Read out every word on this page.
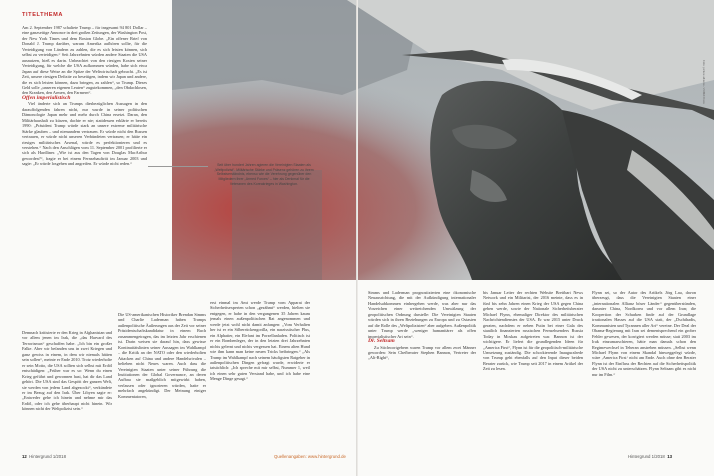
TITELTHEMA

Am 2. September 1987 schaltete Trump – für insgesamt 94 801 Dollar – eine ganzseitige Annonce in drei großen Zeitungen, der Washington Post, der New York Times und dem Boston Globe. „Ein offener Brief von Donald J. Trump darüber, warum Amerika aufhören sollte, für die Verteidigung von Ländern zu zahlen, die es sich leisten können, sich selbst zu verteidigen.“ Seit Jahrzehnten würden andere Staaten die USA ausnutzen, hieß es darin. Unbeachtet von den riesigen Kosten seiner Verteidigung, für welche die USA aufkommen würden, habe sich etwa Japan auf diese Weise an die Spitze der Weltwirtschaft gebracht. „Es ist Zeit, unsere riesigen Defizite zu beseitigen, indem wir Japan und andere, die es sich leisten können, dazu bringen, zu zahlen“, so Trump. Dieses Geld solle „unseren eigenen Leuten“ zugutekommen, „den Obdachlosen, den Kranken, den Armen, den Farmern“.

Offen imperialistisch

Viel änderte sich an Trumps diesbezüglichen Aussagen in den darauffolgenden fahren nicht, nur wurde in seiner politischen Dämonologie Japan mehr und mehr durch China ersetzt. Daran, den Militärhaushalt zu kürzen, dachte er nie; stattdessen erklärte er bereits 1990: „Präsident Trump würde stark an unsere extreme militärische Stärke glauben – und niemandem vertrauen. Er würde nicht den Russen vertrauen, er würde nicht unseren Verbündeten vertrauen; er hätte ein riesiges militärisches Arsenal, würde es perfektionieren und es verstehen.“ Nach den Anschlägen vom 11. September 2001 profilierte er sich als Hardliner. „Wie ist aus den Tagen von Douglas MacArthur geworden?“, fragte er bei einem Fernsehauftritt im Januar 2003 und sagte: „Er würde losgehen und angreifen. Er würde nicht reden.“

Demnach kritisierte er den Krieg in Afghanistan und vor allem jenen im Irak, die „das Harvard des Terrorismus“ geschaffen habe. „Ich bin ein großer Falke. Aber wir befanden uns in zwei Kriegen und ganz gewiss in einem, in dem wir niemals hätten sein sollen“, meinte er Ende 2010. Trotz wiederholte er sein Motto, die USA sollten sich selbst mit Erdöl entschädigen: „Früher war es so: Wenn du einen Krieg geführt und gewonnen hast, hat dir das Land gehört. Die USA sind das Gespött der ganzen Welt, sie werden von jedem Land abgezockt“, verkündete er im Bezug auf den Irak. Über Libyen sagte er: „Entweder gehe ich hinein und nehme mir das Erdöl, oder ich gehe überhaupt nicht hinein. Wir können nicht der Weltpolizist sein.“

Die US-amerikanischen Historiker Brendan Simms und Charlie Laderman haben Trumps außenpolitische Äußerungen aus der Zeit vor seiner Präsidentschaftskandidatur in einem Buch zusammengetragen, das im letzten Jahr erschienen ist. Darin weisen sie darauf hin, dass gewisse Kontinuitätslinien seiner Aussagen im Wahlkampf – die Kritik an der NATO oder den wiederholten Attacken auf China und andere Handelsrivalen – belieben nicht Neues waren. Auch dass die Vereinigten Staaten unter seiner Führung die Institutionen der Global Governance, an deren Aufbau sie maßgeblich mitgewirkt haben, verlassen oder ignorieren würden, hatte er mehrfach angekündigt. Der Meinung einiger Kommentatoren,

erst einmal im Amt werde Trump vom Apparat der Sicherheitsexperten schon „gezähmt“ werden, hielten sie entgegen, er habe in den vergangenen 35 Jahren kaum jemals einen außenpolitischen Rat angenommen und werde jetzt wohl nicht damit anfangen: „Vom Verhalten her ist er ein Silberrückengorilla, ein narzisstischer Plus, ein Alphatier, ein Elefant im Porzellanladen. Politisch ist er ein Bombenleger, der in den letzten drei Jahrzehnten nichts gelernt und nichts vergessen hat. Einem alten Hund wie ihm kann man keine neuen Tricks beibringen.“ „Als Trump im Wahlkampf nach seinem häufigsten Ratgeber in außenpolitischen Dingen gefragt wurde, erwiderte er tatsächlich: „Ich spreche mit mir selbst, Nummer 1, weil ich einen sehr guten Verstand habe, und ich habe eine Menge Dinge gesagt.“

Seit über hundert Jahren agieren die Vereinigten Staaten als „Weltpolizist“. Militärische Stärke und Präsenz gehören zu ihrem Selbstverständnis, ebenso wie die Verehrung gegenüber den Mitgliedern ihrer „Armed Forces“ – hier als Denkmal für die Veteranen des Koreakrieges in Washington.

Simms und Laderman prognostizierten eine ökonomische Neuausrichtung, die mit der Aufkündigung internationaler Handelsabkommen einhergehen werde, was aber nur das Vorzeichen einer weitreichenden Umwälzung der geopolitischen Ordnung darstelle: Die Vereinigten Staaten würden sich in ihren Beziehungen zu Europa und zu Ostasien auf die Rolle des „Weltpolizisten“ aber aufgeben. Außenpolitik unter Trump werde „weniger humanitärer als offen imperialistischer Art sein“.

Dr. Seltsam

Zu Stichwortgebern waren Trump vor allem zwei Männer geworden: Sein Chefberater Stephen Bannon, Vertreter der „Alt-Right“,

bis Januar Leiter der rechten Website Breitbart News Network und ein Militarist, der 2016 meinte, dass es in fünf bis zehn Jahren einen Krieg der USA gegen China geben werde, sowie der Nationale Sicherheitsberater Michael Flynn, ehemaliger Direktor des militärischen Nachrichtendienstes der USA. Er war 2015 unter Druck geraten, nachdem er neben Putin bei einer Gala des staatlich finanzierten russischen Fernsehsenders Russia Today in Moskau aufgetreten war. Bannon ist der wichtigere. Er liefert die grundlegenden Ideen für „America First“, Flynn ist für die geopolitisch-militärische Umsetzung zuständig. Die schockierende Inauguralrede von Trump geht ebenfalls auf den Input dieser beiden Berater zurück, wie Trump seit 2017 in einem Artikel der Zeit zu lesen.

Flynn sei, so der Autor des Artikels Jörg Lau, davon überzeugt, dass die Vereinigten Staaten einer „internationalen Allianz böser Länder“ gegenüberstünden, darunter China, Nordkorea und vor allem Iran; die Koopertion der Schurken finde auf der Grundlage irrationalen Hasses auf die USA statt, der „Dschihadis, Kommunisten und Tyrannen aller Art“ vereine. Der Deal der Obama-Regierung mit Iran sei dementsprechend ein grober Fehler gewesen, der korrigiert werden müsse; statt 2003 im Irak einzumarschieren, hätte man damals schon den Regimewechsel in Teheran anstreben müssen. „Selbst wenn Michael Flynn von einem Skandal hinweggefegt würde, wäre ‚America First‘ nicht am Ende. Auch ohne den Berater Flynn ist der Einfluss der Rechten auf die Sicherheitspolitik der USA nicht zu unterschätzen. Flynn Seltsam gibt es nicht nur im Film.“

Foto: picture alliance / ZUMA Press
12 Hintergrund 1/2018	Quellenangaben: www.hintergrund.de	Hintergrund 1/2018 13
